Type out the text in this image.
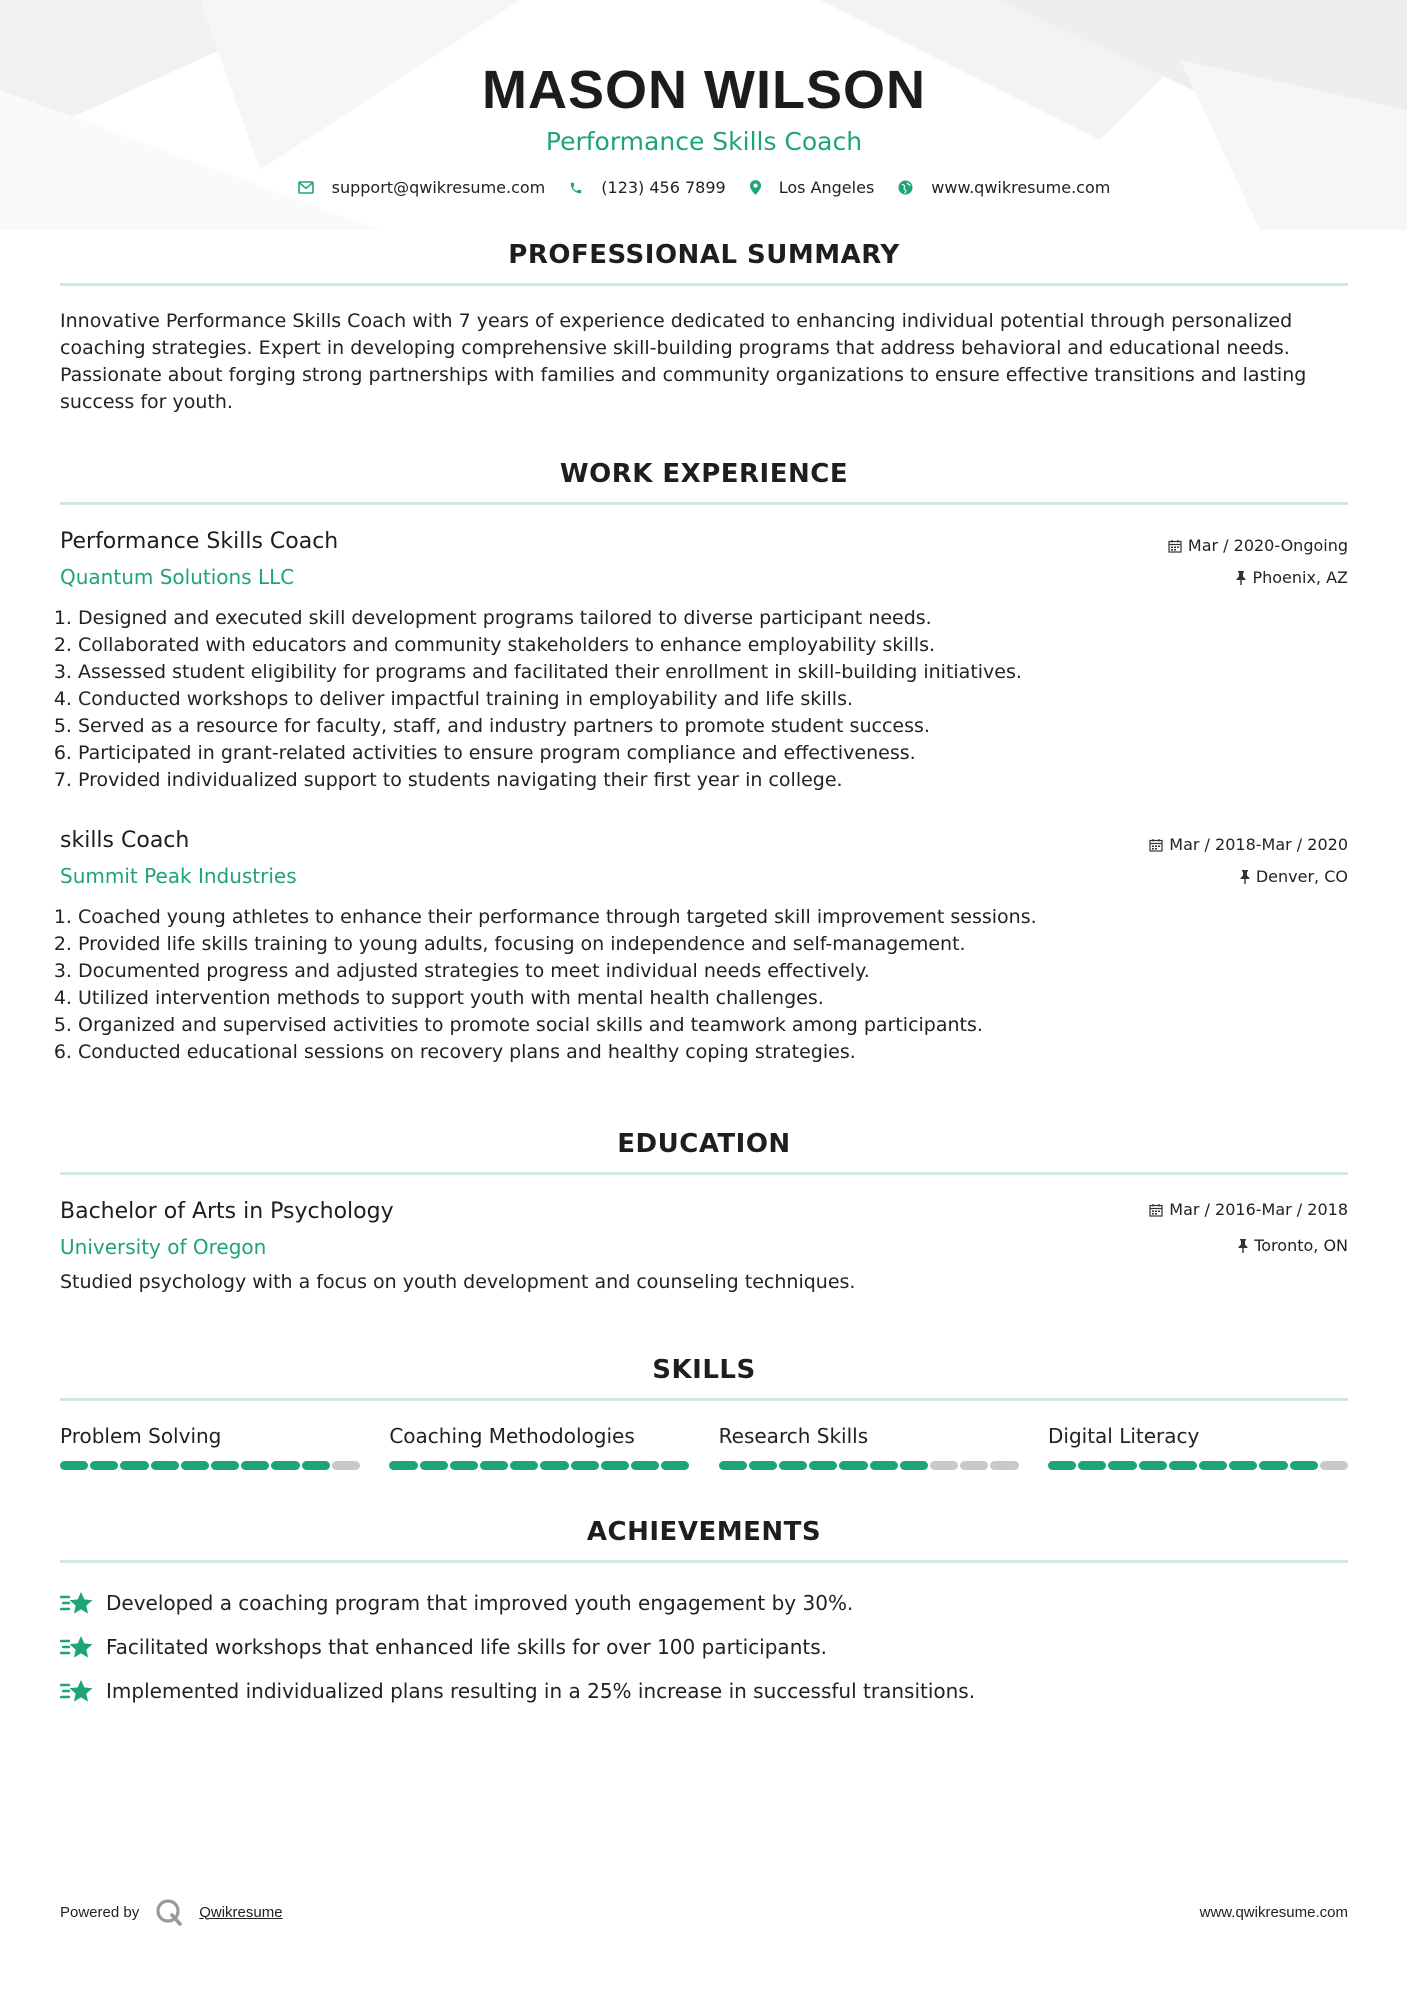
MASON WILSON
Performance Skills Coach
support@qwikresume.com	(123) 456 7899	Los Angeles	www.qwikresume.com
PROFESSIONAL SUMMARY
Innovative Performance Skills Coach with 7 years of experience dedicated to enhancing individual potential through personalized coaching strategies. Expert in developing comprehensive skill-building programs that address behavioral and educational needs. Passionate about forging strong partnerships with families and community organizations to ensure effective transitions and lasting success for youth.
WORK EXPERIENCE
Performance Skills Coach
Quantum Solutions LLC
Mar / 2020-Ongoing
Phoenix, AZ
1. Designed and executed skill development programs tailored to diverse participant needs.
2. Collaborated with educators and community stakeholders to enhance employability skills.
3. Assessed student eligibility for programs and facilitated their enrollment in skill-building initiatives.
4. Conducted workshops to deliver impactful training in employability and life skills.
5. Served as a resource for faculty, staff, and industry partners to promote student success.
6. Participated in grant-related activities to ensure program compliance and effectiveness.
7. Provided individualized support to students navigating their first year in college.
skills Coach
Summit Peak Industries
Mar / 2018-Mar / 2020
Denver, CO
1. Coached young athletes to enhance their performance through targeted skill improvement sessions.
2. Provided life skills training to young adults, focusing on independence and self-management.
3. Documented progress and adjusted strategies to meet individual needs effectively.
4. Utilized intervention methods to support youth with mental health challenges.
5. Organized and supervised activities to promote social skills and teamwork among participants.
6. Conducted educational sessions on recovery plans and healthy coping strategies.
EDUCATION
Bachelor of Arts in Psychology
University of Oregon
Mar / 2016-Mar / 2018
Toronto, ON
Studied psychology with a focus on youth development and counseling techniques.
SKILLS
Problem Solving	Coaching Methodologies	Research Skills	Digital Literacy
ACHIEVEMENTS
Developed a coaching program that improved youth engagement by 30%.
Facilitated workshops that enhanced life skills for over 100 participants.
Implemented individualized plans resulting in a 25% increase in successful transitions.
Powered by	Qwikresume	www.qwikresume.com
